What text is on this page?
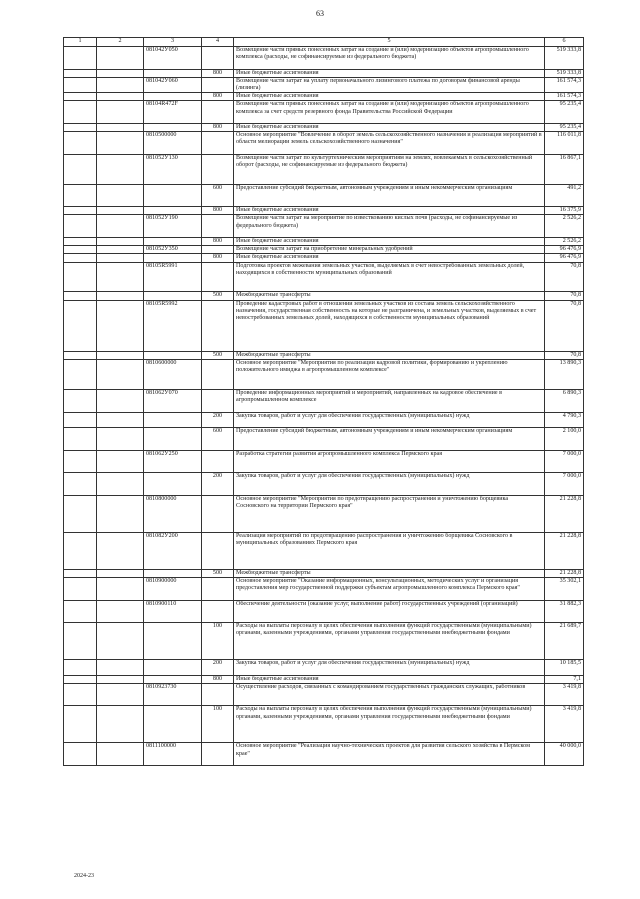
63
1	2	3	4	5	6
		081042У050		Возмещение части прямых понесенных затрат на создание и (или) модернизацию объектов агропромышленного комплекса (расходы, не софинансируемые из федерального бюджета)	519 333,8
			800	Иные бюджетные ассигнования	519 333,8
		081042У060		Возмещение части затрат на уплату первоначального лизингового платежа по договорам финансовой аренды (лизинга)	161 574,3
			800	Иные бюджетные ассигнования	161 574,3
		08104R472F		Возмещение части прямых понесенных затрат на создание и (или) модернизацию объектов агропромышленного комплекса за счет средств резервного фонда Правительства Российской Федерации	95 235,4
			800	Иные бюджетные ассигнования	95 235,4
		0810500000		Основное мероприятие "Вовлечение в оборот земель сельскохозяйственного назначения и реализация мероприятий в области мелиорации земель сельскохозяйственного назначения"	116 011,8
		081052У130		Возмещение части затрат по культуртехническим мероприятиям на землях, вовлекаемых в сельскохозяйственный оборот (расходы, не софинансируемые из федерального бюджета)	16 867,1
			600	Предоставление субсидий бюджетным, автономным учреждениям и иным некоммерческим организациям	491,2
			800	Иные бюджетные ассигнования	16 375,9
		081052У190		Возмещение части затрат на мероприятие по известкованию кислых почв (расходы, не софинансируемые из федерального бюджета)	2 526,2
			800	Иные бюджетные ассигнования	2 526,2
		081052У350		Возмещение части затрат на приобретение минеральных удобрений	96 476,9
			800	Иные бюджетные ассигнования	96 476,9
		08105R5991		Подготовка проектов межевания земельных участков, выделяемых в счет невостребованных земельных долей, находящихся в собственности муниципальных образований	70,8
			500	Межбюджетные трансферты	70,8
		08105R5992		Проведение кадастровых работ в отношении земельных участков из состава земель сельскохозяйственного назначения, государственная собственность на которые не разграничена, и земельных участков, выделяемых в счет невостребованных земельных долей, находящихся в собственности муниципальных образований	70,8
			500	Межбюджетные трансферты	70,8
		0810600000		Основное мероприятие "Мероприятия по реализации кадровой политики, формированию и укреплению положительного имиджа в агропромышленном комплексе"	13 890,3
		081062У070		Проведение информационных мероприятий и мероприятий, направленных на кадровое обеспечение в агропромышленном комплексе	6 890,3
			200	Закупка товаров, работ и услуг для обеспечения государственных (муниципальных) нужд	4 790,3
			600	Предоставление субсидий бюджетным, автономным учреждениям и иным некоммерческим организациям	2 100,0
		081062У250		Разработка стратегии развития агропромышленного комплекса Пермского края	7 000,0
			200	Закупка товаров, работ и услуг для обеспечения государственных (муниципальных) нужд	7 000,0
		0810800000		Основное мероприятие "Мероприятия по предотвращению распространения и уничтожению борщевика Сосновского на территории Пермского края"	21 228,8
		081082У200		Реализация мероприятий по предотвращению распространения и уничтожению борщевика Сосновского в муниципальных образованиях Пермского края	21 228,8
			500	Межбюджетные трансферты	21 228,8
		0810900000		Основное мероприятие "Оказание информационных, консультационных, методических услуг и организация предоставления мер государственной поддержки субъектам агропромышленного комплекса Пермского края"	35 302,1
		0810900110		Обеспечение деятельности (оказание услуг, выполнение работ) государственных учреждений (организаций)	31 882,3
			100	Расходы на выплаты персоналу в целях обеспечения выполнения функций государственными (муниципальными) органами, казенными учреждениями, органами управления государственными внебюджетными фондами	21 689,7
			200	Закупка товаров, работ и услуг для обеспечения государственных (муниципальных) нужд	10 185,5
			800	Иные бюджетные ассигнования	7,1
		0810923730		Осуществление расходов, связанных с командированием государственных гражданских служащих, работников	3 419,8
			100	Расходы на выплаты персоналу в целях обеспечения выполнения функций государственными (муниципальными) органами, казенными учреждениями, органами управления государственными внебюджетными фондами	3 419,8
		0811100000		Основное мероприятие "Реализация научно-технических проектов для развития сельского хозяйства в Пермском крае"	40 000,0
2024-23
